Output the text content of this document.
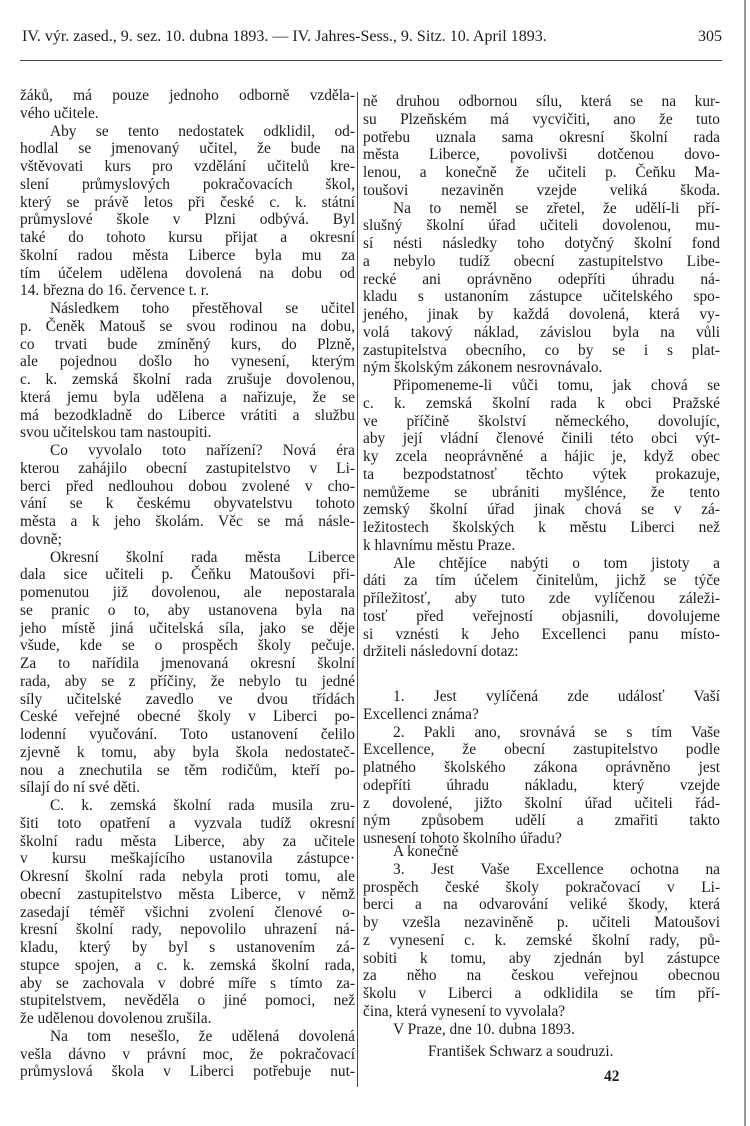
IV. výr. zased., 9. sez. 10. dubna 1893. — IV. Jahres-Sess., 9. Sitz. 10. April 1893.	305
žáků, má pouze jednoho odborně vzděla-
vého učitele.
Aby se tento nedostatek odklidil, od-
hodlal se jmenovaný učitel, že bude na
vštěvovati kurs pro vzdělání učitelů kre-
slení průmyslových pokračovacích škol,
který se právě letos při české c. k. státní
průmyslové škole v Plzni odbývá. Byl
také do tohoto kursu přijat a okresní
školní radou města Liberce byla mu za
tím účelem udělena dovolená na dobu od
14. března do 16. července t. r.
Následkem toho přestěhoval se učitel
p. Čeněk Matouš se svou rodinou na dobu,
co trvati bude zmíněný kurs, do Plzně,
ale pojednou došlo ho vynesení, kterým
c. k. zemská školní rada zrušuje dovolenou,
která jemu byla udělena a nařizuje, že se
má bezodkladně do Liberce vrátiti a službu
svou učitelskou tam nastoupiti.
Co vyvolalo toto nařízení? Nová éra
kterou zahájilo obecní zastupitelstvo v Li-
berci před nedlouhou dobou zvolené v cho-
vání se k českému obyvatelstvu tohoto
města a k jeho školám. Věc se má násle-
dovně;
Okresní školní rada města Liberce
dala sice učiteli p. Čeňku Matoušovi při-
pomenutou již dovolenou, ale nepostarala
se pranic o to, aby ustanovena byla na
jeho místě jiná učitelská síla, jako se děje
všude, kde se o prospěch školy pečuje.
Za to nařídila jmenovaná okresní školní
rada, aby se z příčiny, že nebylo tu jedné
síly učitelské zavedlo ve dvou třídách
Ceské veřejné obecné školy v Liberci po-
lodenní vyučování. Toto ustanovení čelilo
zjevně k tomu, aby byla škola nedostateč-
nou a znechutila se těm rodičům, kteří po-
sílají do ní své děti.
C. k. zemská školní rada musila zru-
šiti toto opatření a vyzvala tudíž okresní
školní radu města Liberce, aby za učitele
v kursu meškajícího ustanovila zástupce·
Okresní školní rada nebyla proti tomu, ale
obecní zastupitelstvo města Liberce, v němž
zasedají téměř všichni zvolení členové o-
kresní školní rady, nepovolilo uhrazení ná-
kladu, který by byl s ustanovením zá-
stupce spojen, a c. k. zemská školní rada,
aby se zachovala v dobré míře s tímto za-
stupitelstvem, nevěděla o jiné pomoci, než
že udělenou dovolenou zrušila.
Na tom nesešlo, že udělená dovolená
vešla dávno v právní moc, že pokračovací
průmyslová škola v Liberci potřebuje nut-
ně druhou odbornou sílu, která se na kur-
su Plzeňském má vycvičiti, ano že tuto
potřebu uznala sama okresní školní rada
města Liberce, povolivši dotčenou dovo-
lenou, a konečně že učiteli p. Čeňku Ma-
toušovi nezaviněn vzejde veliká škoda.
Na to neměl se zřetel, že udělí-li pří-
slušný školní úřad učiteli dovolenou, mu-
sí nésti následky toho dotyčný školní fond
a nebylo tudíž obecní zastupitelstvo Libe-
recké ani oprávněno odepříti úhradu ná-
kladu s ustanoním zástupce učitelského spo-
jeného, jinak by každá dovolená, která vy-
volá takový náklad, závislou byla na vůli
zastupitelstva obecního, co by se i s plat-
ným školským zákonem nesrovnávalo.
Připomeneme-li vůči tomu, jak chová se
c. k. zemská školní rada k obci Pražské
ve příčině školství německého, dovolujíc,
aby její vládní členové činili této obci výt-
ky zcela neoprávněné a hájic je, když obec
ta bezpodstatnosť těchto výtek prokazuje,
nemůžeme se ubrániti myšlénce, že tento
zemský školní úřad jinak chová se v zá-
ležitostech školských k městu Liberci než
k hlavnímu městu Praze.
Ale chtějíce nabýti o tom jistoty a
dáti za tím účelem činitelům, jichž se týče
příležitosť, aby tuto zde vylíčenou záleži-
tosť před veřejností objasnili, dovolujeme
si vznésti k Jeho Excellenci panu místo-
držiteli následovní dotaz:
1. Jest vylíčená zde událosť Vaší
Excellenci známa?
2. Pakli ano, srovnává se s tím Vaše
Excellence, že obecní zastupitelstvo podle
platného školského zákona oprávněno jest
odepříti úhradu nákladu, který vzejde
z dovolené, jižto školní úřad učiteli řád-
ným způsobem udělí a zmařiti takto
usnesení tohoto školního úřadu?
A konečně
3. Jest Vaše Excellence ochotna na
prospěch české školy pokračovací v Li-
berci a na odvarování veliké škody, která
by vzešla nezaviněně p. učiteli Matoušovi
z vynesení c. k. zemské školní rady, pů-
sobiti k tomu, aby zjednán byl zástupce
za něho na českou veřejnou obecnou
školu v Liberci a odklidila se tím pří-
čina, která vynesení to vyvolala?
V Praze, dne 10. dubna 1893.
František Schwarz a soudruzi.
42
